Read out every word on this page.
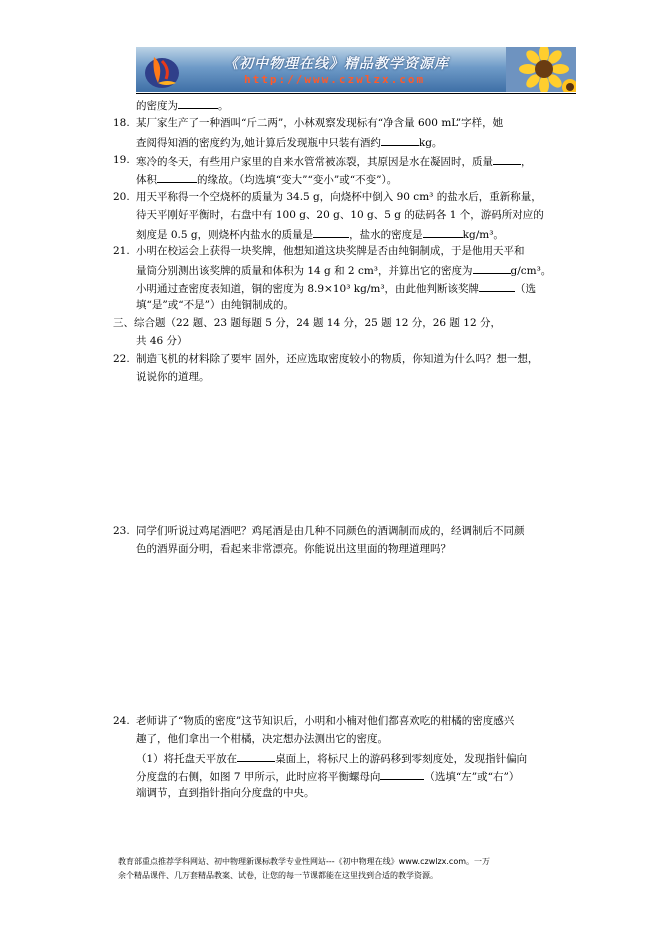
《初中物理在线》精品教学资源库
http://www.czwlzx.com
的密度为	。
18. 某厂家生产了一种酒叫“斤二两”，小林观察发现标有“净含量 600 mL”字样，她
查阅得知酒的密度约为,她计算后发现瓶中只装有酒约	kg。
19. 寒冷的冬天，有些用户家里的自来水管常被冻裂，其原因是水在凝固时，质量	，
体积	的缘故。（均选填“变大”“变小”或“不变”）。
20. 用天平称得一个空烧杯的质量为 34.5 g，向烧杯中倒入 90 cm³ 的盐水后，重新称量，
待天平刚好平衡时，右盘中有 100 g、20 g、10 g、5 g 的砝码各 1 个，游码所对应的
刻度是 0.5 g，则烧杯内盐水的质量是	，盐水的密度是	kg/m³。
21. 小明在校运会上获得一块奖牌，他想知道这块奖牌是否由纯铜制成，于是他用天平和
量筒分别测出该奖牌的质量和体积为 14 g 和 2 cm³，并算出它的密度为	g/cm³。
小明通过查密度表知道，铜的密度为 8.9×10³ kg/m³，由此他判断该奖牌	（选
填“是”或“不是”）由纯铜制成的。
三、综合题（22 题、23 题每题 5 分，24 题 14 分，25 题 12 分，26 题 12 分，
共 46 分）
22. 制造飞机的材料除了要牢 固外，还应选取密度较小的物质，你知道为什么吗？想一想，
说说你的道理。
23. 同学们听说过鸡尾酒吧？鸡尾酒是由几种不同颜色的酒调制而成的，经调制后不同颜
色的酒界面分明，看起来非常漂亮。你能说出这里面的物理道理吗？
24. 老师讲了“物质的密度”这节知识后，小明和小楠对他们都喜欢吃的柑橘的密度感兴
趣了，他们拿出一个柑橘，决定想办法测出它的密度。
（1）将托盘天平放在	桌面上，将标尺上的游码移到零刻度处，发现指针偏向
分度盘的右侧，如图 7 甲所示，此时应将平衡螺母向	（选填“左”或“右”）
端调节，直到指针指向分度盘的中央。
教育部重点推荐学科网站、初中物理新课标教学专业性网站---《初中物理在线》www.czwlzx.com。一万
余个精品课件、几万套精品教案、试卷，让您的每一节课都能在这里找到合适的教学资源。
